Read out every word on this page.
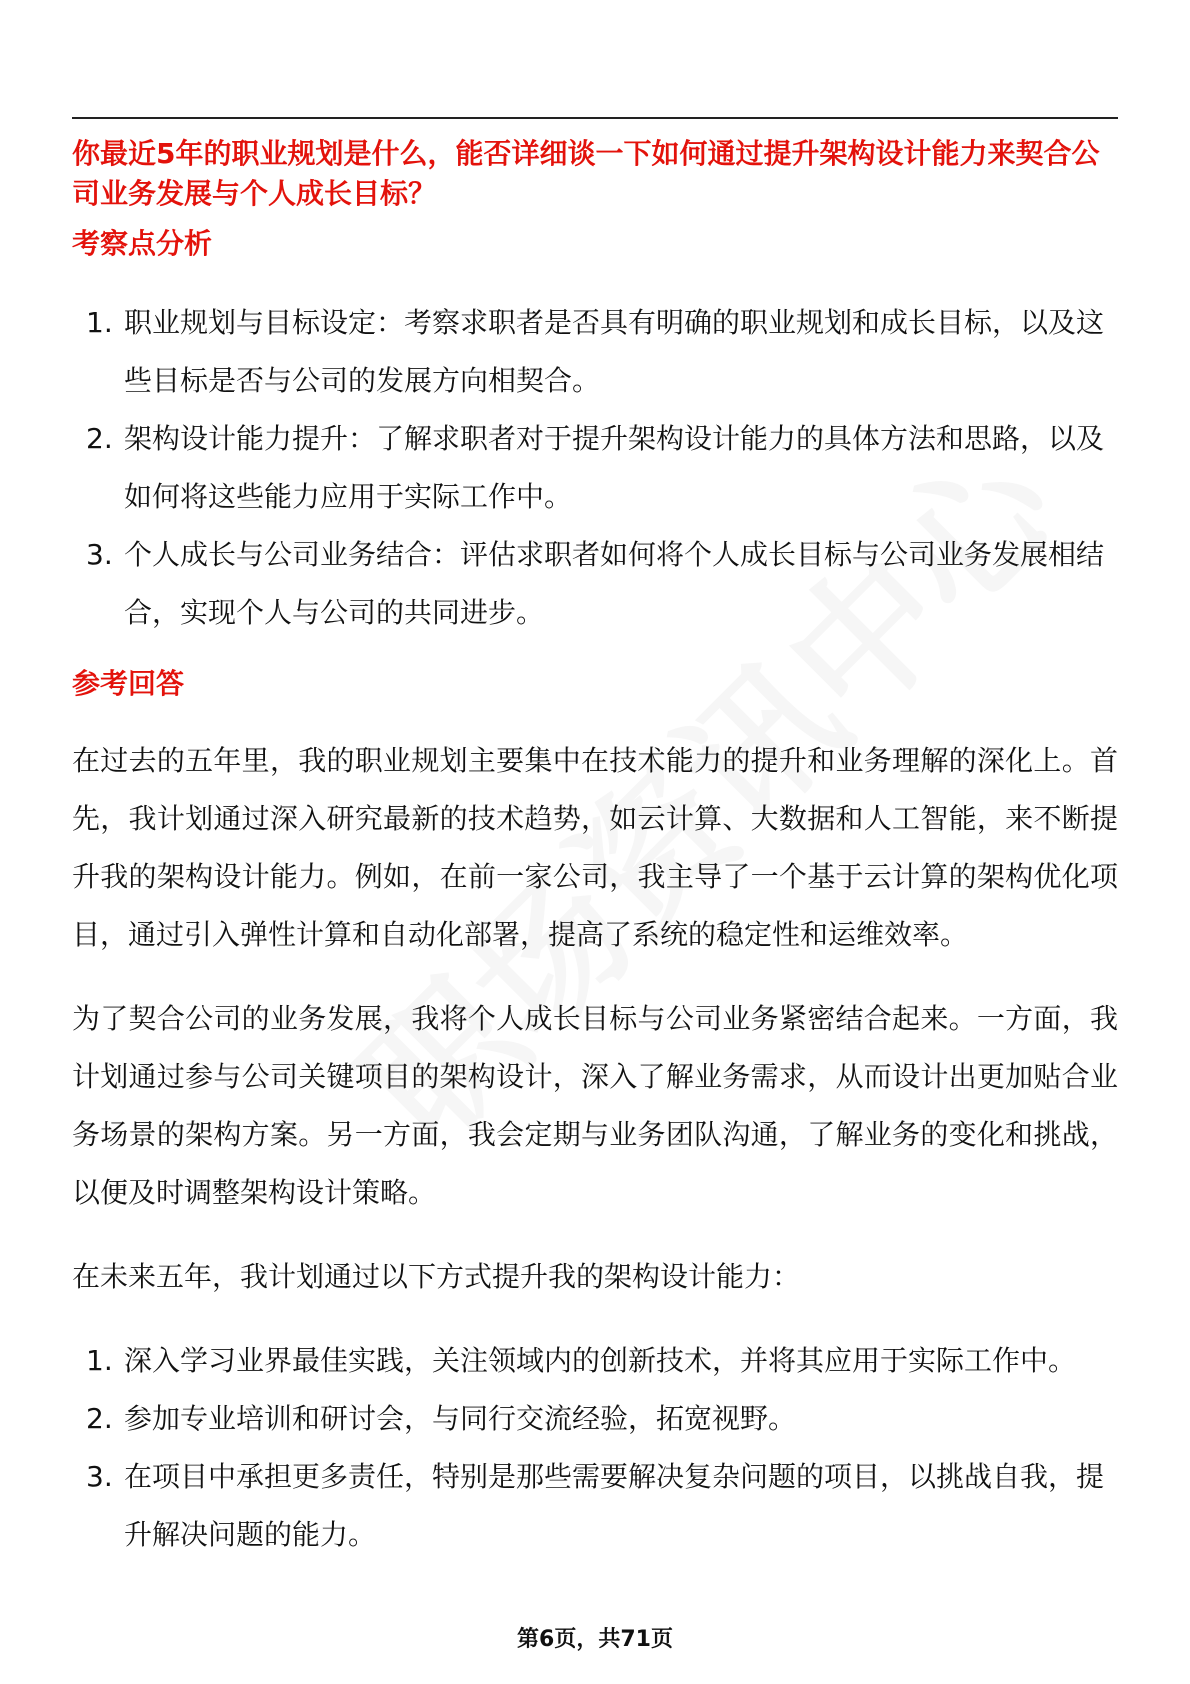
你最近5年的职业规划是什么，能否详细谈一下如何通过提升架构设计能力来契合公司业务发展与个人成长目标？

考察点分析

1. 职业规划与目标设定：考察求职者是否具有明确的职业规划和成长目标，以及这些目标是否与公司的发展方向相契合。
2. 架构设计能力提升：了解求职者对于提升架构设计能力的具体方法和思路，以及如何将这些能力应用于实际工作中。
3. 个人成长与公司业务结合：评估求职者如何将个人成长目标与公司业务发展相结合，实现个人与公司的共同进步。

参考回答

在过去的五年里，我的职业规划主要集中在技术能力的提升和业务理解的深化上。首先，我计划通过深入研究最新的技术趋势，如云计算、大数据和人工智能，来不断提升我的架构设计能力。例如，在前一家公司，我主导了一个基于云计算的架构优化项目，通过引入弹性计算和自动化部署，提高了系统的稳定性和运维效率。

为了契合公司的业务发展，我将个人成长目标与公司业务紧密结合起来。一方面，我计划通过参与公司关键项目的架构设计，深入了解业务需求，从而设计出更加贴合业务场景的架构方案。另一方面，我会定期与业务团队沟通，了解业务的变化和挑战，以便及时调整架构设计策略。

在未来五年，我计划通过以下方式提升我的架构设计能力：

1. 深入学习业界最佳实践，关注领域内的创新技术，并将其应用于实际工作中。
2. 参加专业培训和研讨会，与同行交流经验，拓宽视野。
3. 在项目中承担更多责任，特别是那些需要解决复杂问题的项目，以挑战自我，提升解决问题的能力。
第6页，共71页
